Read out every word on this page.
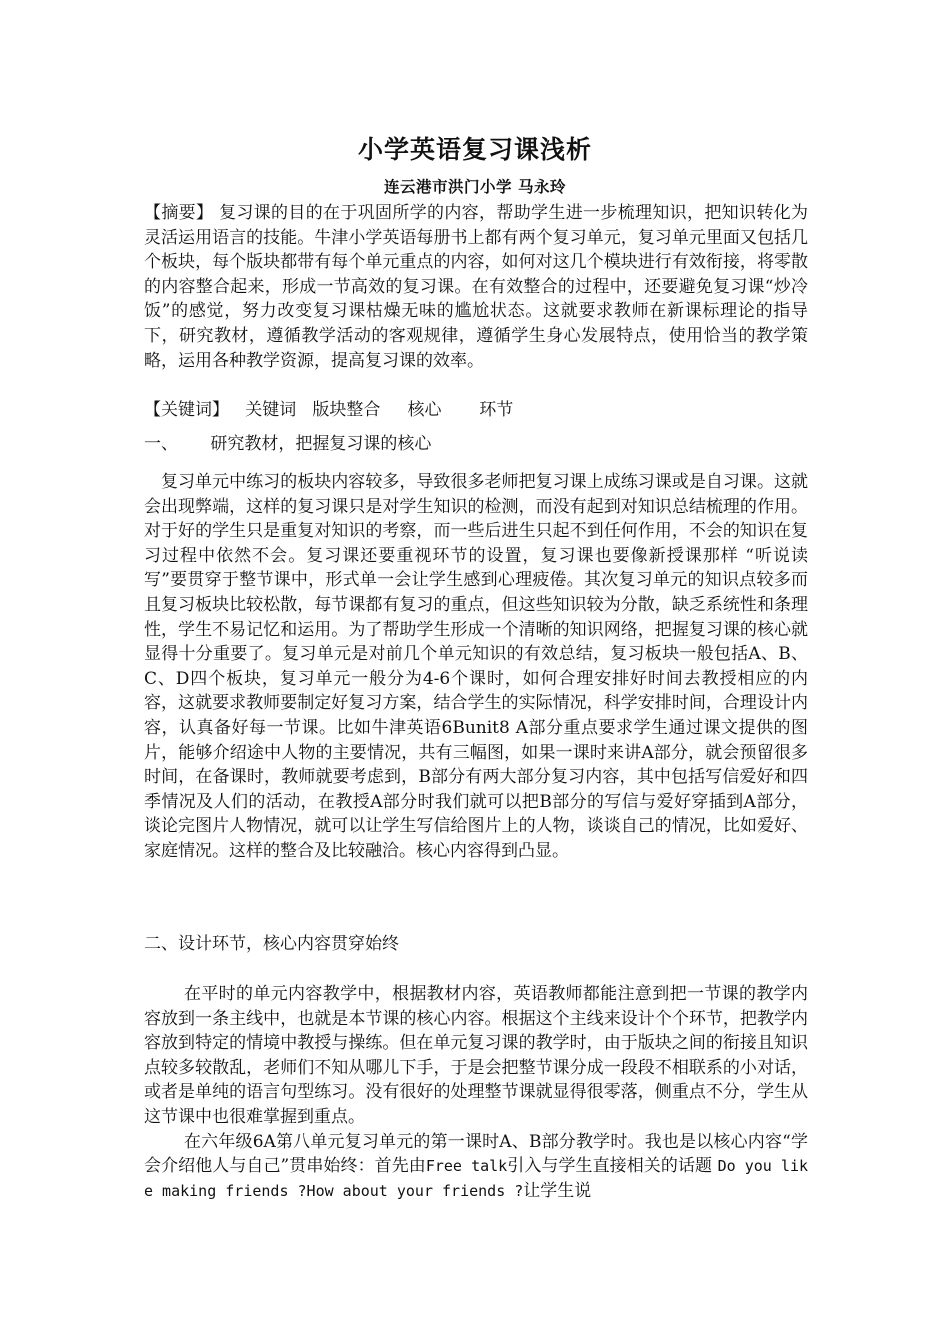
小学英语复习课浅析
连云港市洪门小学 马永玲

【摘要】 复习课的目的在于巩固所学的内容，帮助学生进一步梳理知识，把知识转化为灵活运用语言的技能。牛津小学英语每册书上都有两个复习单元，复习单元里面又包括几个板块，每个版块都带有每个单元重点的内容，如何对这几个模块进行有效衔接，将零散的内容整合起来，形成一节高效的复习课。在有效整合的过程中，还要避免复习课“炒冷饭”的感觉，努力改变复习课枯燥无味的尴尬状态。这就要求教师在新课标理论的指导下，研究教材，遵循教学活动的客观规律，遵循学生身心发展特点，使用恰当的教学策略，运用各种教学资源，提高复习课的效率。

【关键词】   关键词   版块整合     核心       环节
一、      研究教材，把握复习课的核心

复习单元中练习的板块内容较多，导致很多老师把复习课上成练习课或是自习课。这就会出现弊端，这样的复习课只是对学生知识的检测，而没有起到对知识总结梳理的作用。对于好的学生只是重复对知识的考察，而一些后进生只起不到任何作用，不会的知识在复习过程中依然不会。复习课还要重视环节的设置，复习课也要像新授课那样 “听说读写”要贯穿于整节课中，形式单一会让学生感到心理疲倦。其次复习单元的知识点较多而且复习板块比较松散，每节课都有复习的重点，但这些知识较为分散，缺乏系统性和条理性，学生不易记忆和运用。为了帮助学生形成一个清晰的知识网络，把握复习课的核心就显得十分重要了。复习单元是对前几个单元知识的有效总结，复习板块一般包括A、B、C、D四个板块，复习单元一般分为4-6个课时，如何合理安排好时间去教授相应的内容，这就要求教师要制定好复习方案，结合学生的实际情况，科学安排时间，合理设计内容，认真备好每一节课。比如牛津英语6Bunit8 A部分重点要求学生通过课文提供的图片，能够介绍途中人物的主要情况，共有三幅图，如果一课时来讲A部分，就会预留很多时间，在备课时，教师就要考虑到，B部分有两大部分复习内容，其中包括写信爱好和四季情况及人们的活动，在教授A部分时我们就可以把B部分的写信与爱好穿插到A部分，谈论完图片人物情况，就可以让学生写信给图片上的人物，谈谈自己的情况，比如爱好、家庭情况。这样的整合及比较融洽。核心内容得到凸显。

二、设计环节，核心内容贯穿始终

在平时的单元内容教学中，根据教材内容，英语教师都能注意到把一节课的教学内容放到一条主线中，也就是本节课的核心内容。根据这个主线来设计个个环节，把教学内容放到特定的情境中教授与操练。但在单元复习课的教学时，由于版块之间的衔接且知识点较多较散乱，老师们不知从哪儿下手，于是会把整节课分成一段段不相联系的小对话，或者是单纯的语言句型练习。没有很好的处理整节课就显得很零落，侧重点不分，学生从这节课中也很难掌握到重点。

在六年级6A第八单元复习单元的第一课时A、B部分教学时。我也是以核心内容“学会介绍他人与自己”贯串始终：首先由Free talk引入与学生直接相关的话题 Do you like making friends ?How about your friends ?让学生说
